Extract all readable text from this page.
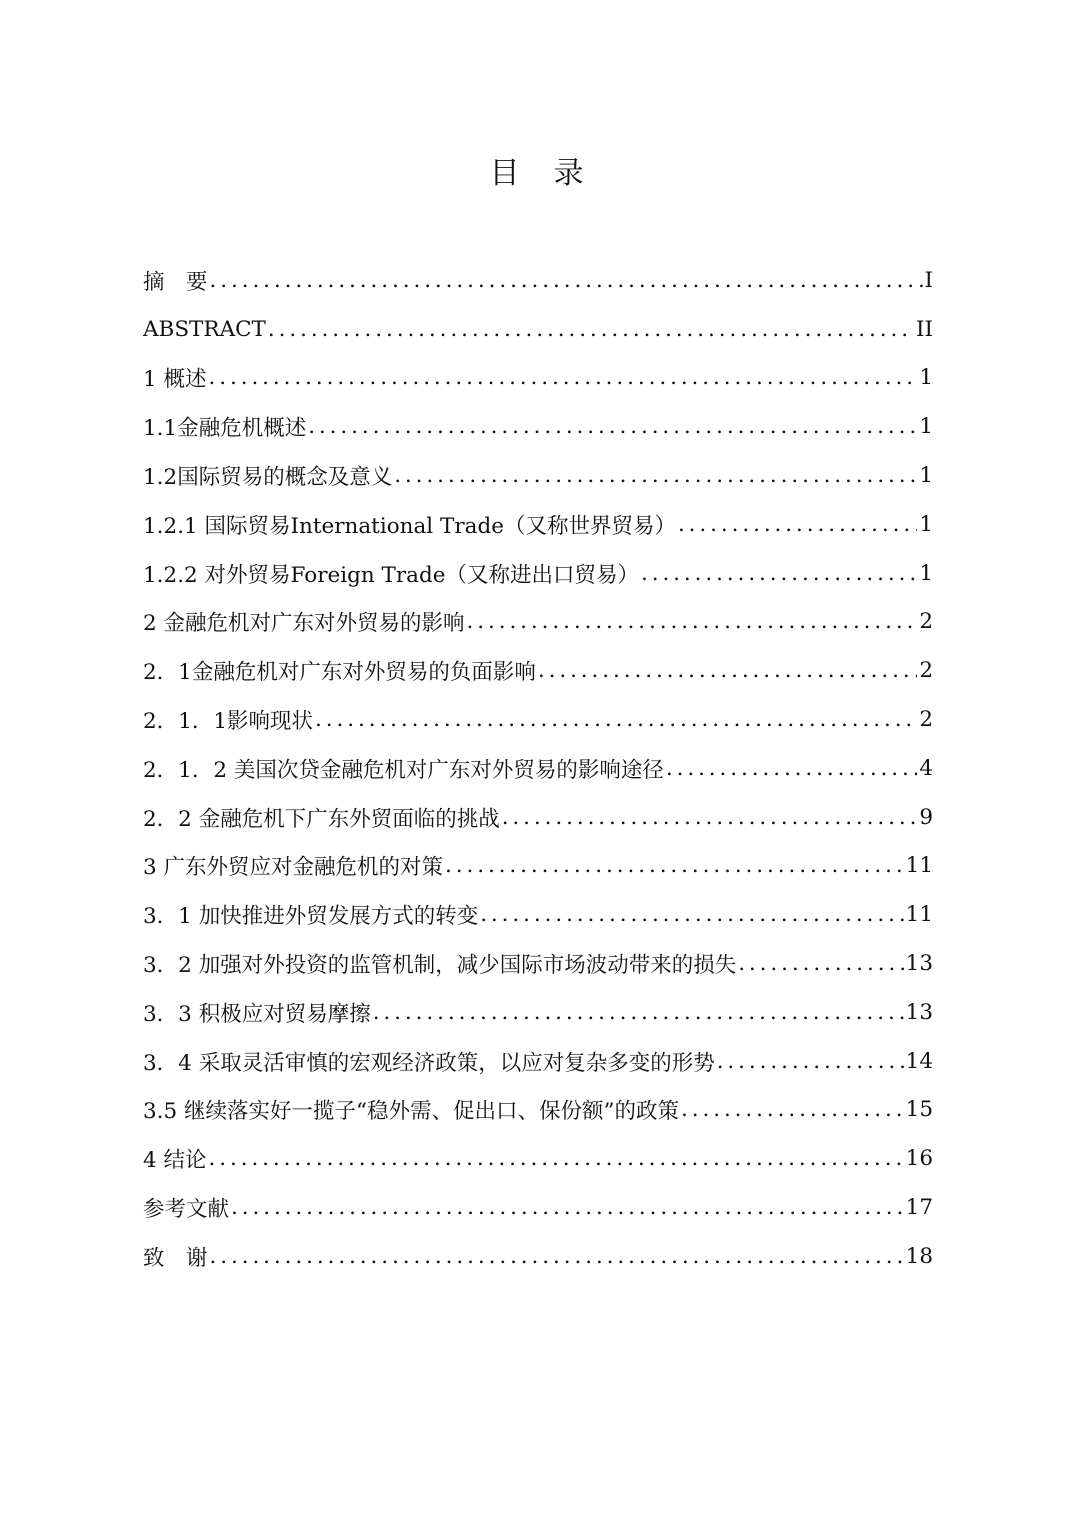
目　录
摘　要 .....	I
ABSTRACT .....	II
1 概述 .....	1
1.1金融危机概述 .....	1
1.2国际贸易的概念及意义 .....	1
1.2.1 国际贸易International Trade（又称世界贸易） .....	1
1.2.2 对外贸易Foreign Trade（又称进出口贸易） .....	1
2 金融危机对广东对外贸易的影响 .....	2
2．1金融危机对广东对外贸易的负面影响 .....	2
2．1．1影响现状 .....	2
2．1．2 美国次贷金融危机对广东对外贸易的影响途径 .....	4
2．2 金融危机下广东外贸面临的挑战 .....	9
3 广东外贸应对金融危机的对策 .....	11
3．1 加快推进外贸发展方式的转变 .....	11
3．2 加强对外投资的监管机制，减少国际市场波动带来的损失 .....	13
3．3 积极应对贸易摩擦 .....	13
3．4 采取灵活审慎的宏观经济政策，以应对复杂多变的形势 .....	14
3.5 继续落实好一揽子“稳外需、促出口、保份额”的政策 .....	15
4 结论 .....	16
参考文献 .....	17
致　谢 .....	18
